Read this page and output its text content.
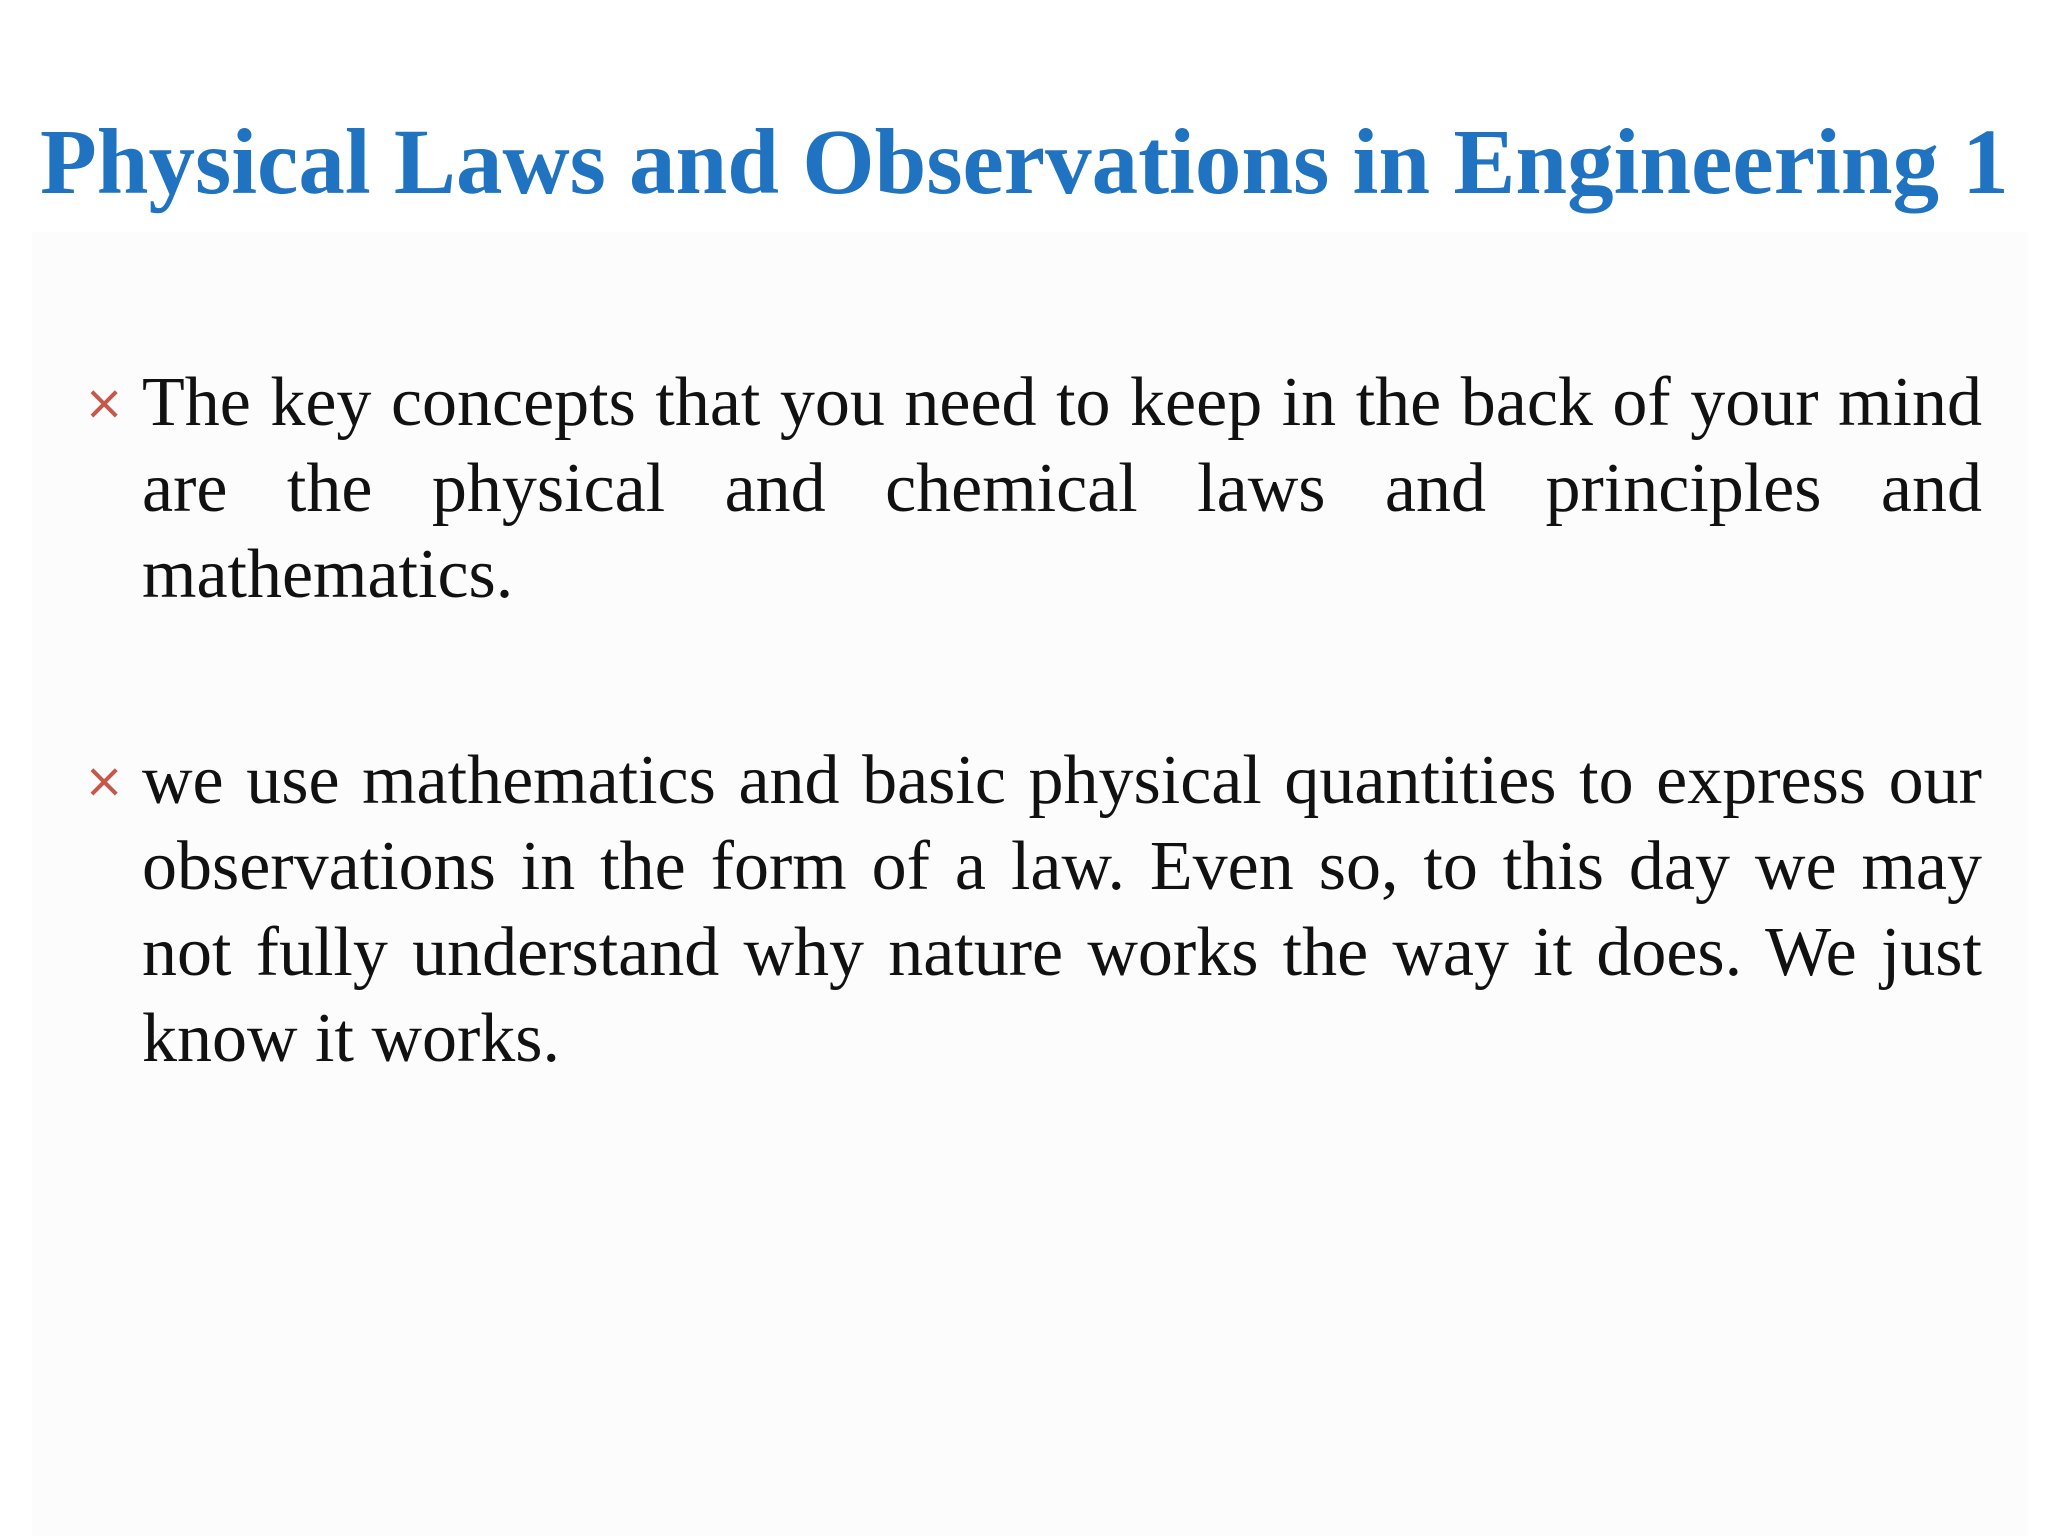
Physical Laws and Observations in Engineering 1
× The key concepts that you need to keep in the back of your mind are the physical and chemical laws and principles and mathematics.
× we use mathematics and basic physical quantities to express our observations in the form of a law. Even so, to this day we may not fully understand why nature works the way it does. We just know it works.
